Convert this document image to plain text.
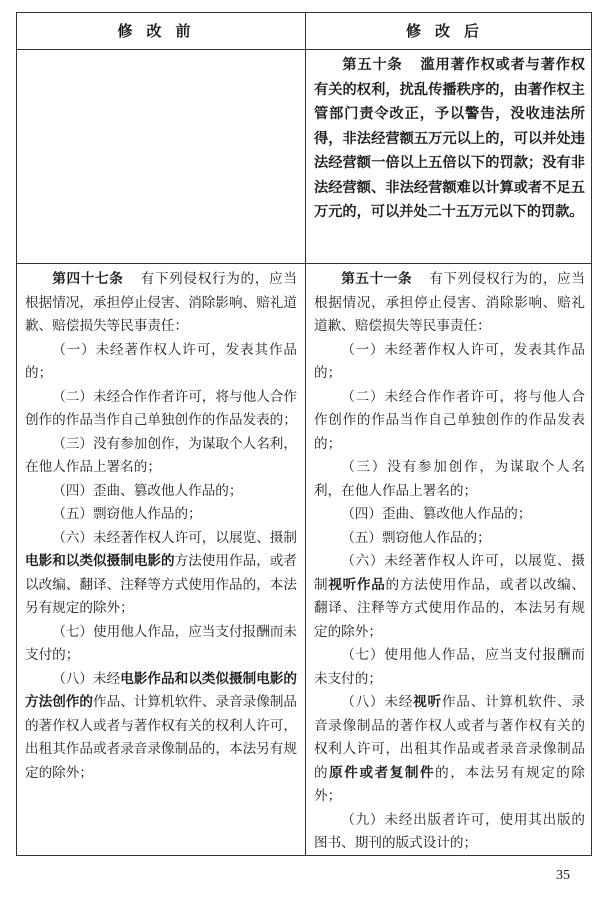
修改前	修改后

第五十条 滥用著作权或者与著作权有关的权利，扰乱传播秩序的，由著作权主管部门责令改正，予以警告，没收违法所得，非法经营额五万元以上的，可以并处违法经营额一倍以上五倍以下的罚款；没有非法经营额、非法经营额难以计算或者不足五万元的，可以并处二十五万元以下的罚款。

第四十七条 有下列侵权行为的，应当根据情况，承担停止侵害、消除影响、赔礼道歉、赔偿损失等民事责任：

（一）未经著作权人许可，发表其作品的；

（二）未经合作作者许可，将与他人合作创作的作品当作自己单独创作的作品发表的；

（三）没有参加创作，为谋取个人名利，在他人作品上署名的；

（四）歪曲、篡改他人作品的；

（五）剽窃他人作品的；

（六）未经著作权人许可，以展览、摄制电影和以类似摄制电影的方法使用作品，或者以改编、翻译、注释等方式使用作品的，本法另有规定的除外；

（七）使用他人作品，应当支付报酬而未支付的；

（八）未经电影作品和以类似摄制电影的方法创作的作品、计算机软件、录音录像制品的著作权人或者与著作权有关的权利人许可，出租其作品或者录音录像制品的，本法另有规定的除外；

第五十一条 有下列侵权行为的，应当根据情况，承担停止侵害、消除影响、赔礼道歉、赔偿损失等民事责任：

（一）未经著作权人许可，发表其作品的；

（二）未经合作作者许可，将与他人合作创作的作品当作自己单独创作的作品发表的；

（三）没有参加创作，为谋取个人名利，在他人作品上署名的；

（四）歪曲、篡改他人作品的；

（五）剽窃他人作品的；

（六）未经著作权人许可，以展览、摄制视听作品的方法使用作品，或者以改编、翻译、注释等方式使用作品的，本法另有规定的除外；

（七）使用他人作品，应当支付报酬而未支付的；

（八）未经视听作品、计算机软件、录音录像制品的著作权人或者与著作权有关的权利人许可，出租其作品或者录音录像制品的原件或者复制件的，本法另有规定的除外；

（九）未经出版者许可，使用其出版的图书、期刊的版式设计的；

35
